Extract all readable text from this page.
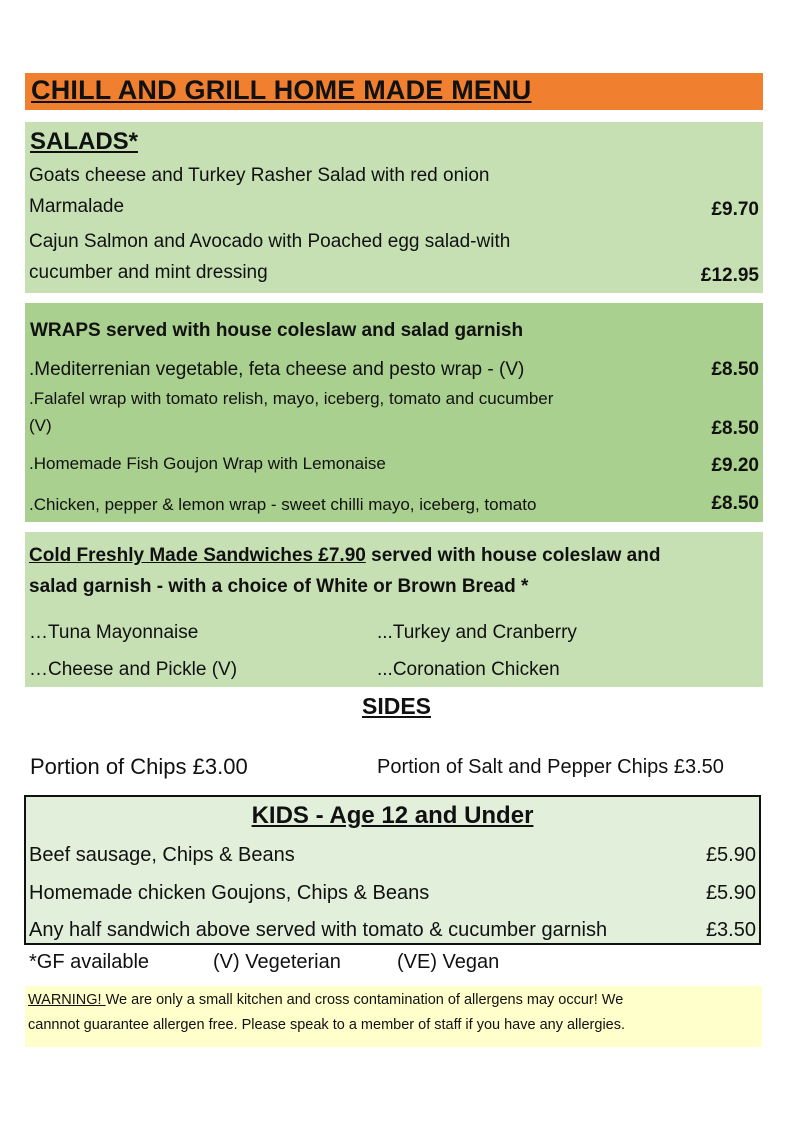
CHILL AND GRILL HOME MADE MENU
SALADS*
Goats cheese and Turkey Rasher Salad with red onion
Marmalade	£9.70
Cajun Salmon and Avocado with Poached egg salad-with
cucumber and mint dressing	£12.95
WRAPS served with house coleslaw and salad garnish
.Mediterrenian vegetable, feta cheese and pesto wrap - (V)	£8.50
.Falafel wrap with tomato relish, mayo, iceberg, tomato and cucumber
(V)	£8.50
.Homemade Fish Goujon Wrap with Lemonaise	£9.20
.Chicken, pepper & lemon wrap - sweet chilli mayo, iceberg, tomato	£8.50
Cold Freshly Made Sandwiches £7.90 served with house coleslaw and
salad garnish - with a choice of White or Brown Bread *
…Tuna Mayonnaise	...Turkey and Cranberry
…Cheese and Pickle (V)	...Coronation Chicken
SIDES
Portion of Chips £3.00	Portion of Salt and Pepper Chips £3.50
KIDS - Age 12 and Under
Beef sausage, Chips & Beans	£5.90
Homemade chicken Goujons, Chips & Beans	£5.90
Any half sandwich above served with tomato & cucumber garnish	£3.50
*GF available	(V) Vegeterian	(VE) Vegan
WARNING! We are only a small kitchen and cross contamination of allergens may occur! We
cannnot guarantee allergen free. Please speak to a member of staff if you have any allergies.
